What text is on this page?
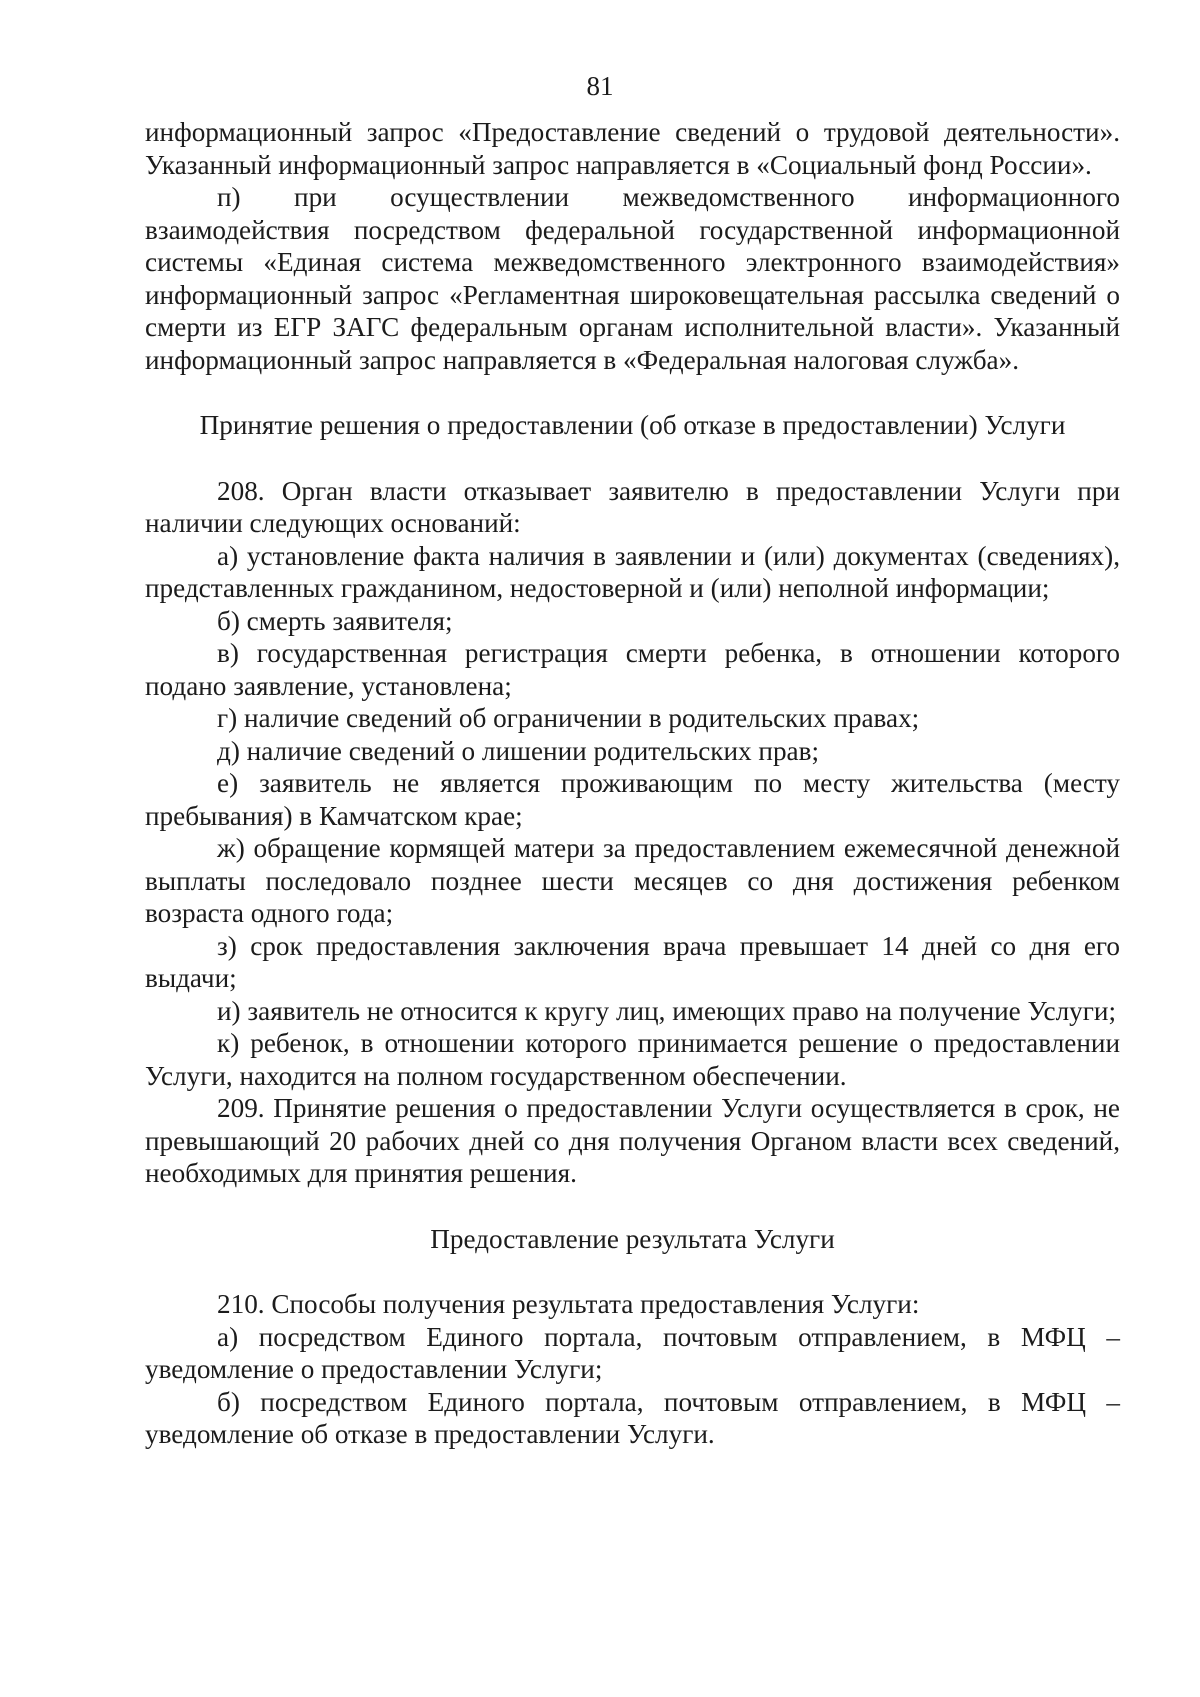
81

информационный запрос «Предоставление сведений о трудовой деятельности». Указанный информационный запрос направляется в «Социальный фонд России».

п) при осуществлении межведомственного информационного взаимодействия посредством федеральной государственной информационной системы «Единая система межведомственного электронного взаимодействия» информационный запрос «Регламентная широковещательная рассылка сведений о смерти из ЕГР ЗАГС федеральным органам исполнительной власти». Указанный информационный запрос направляется в «Федеральная налоговая служба».

Принятие решения о предоставлении (об отказе в предоставлении) Услуги

208. Орган власти отказывает заявителю в предоставлении Услуги при наличии следующих оснований:

а) установление факта наличия в заявлении и (или) документах (сведениях), представленных гражданином, недостоверной и (или) неполной информации;

б) смерть заявителя;

в) государственная регистрация смерти ребенка, в отношении которого подано заявление, установлена;

г) наличие сведений об ограничении в родительских правах;

д) наличие сведений о лишении родительских прав;

е) заявитель не является проживающим по месту жительства (месту пребывания) в Камчатском крае;

ж) обращение кормящей матери за предоставлением ежемесячной денежной выплаты последовало позднее шести месяцев со дня достижения ребенком возраста одного года;

з) срок предоставления заключения врача превышает 14 дней со дня его выдачи;

и) заявитель не относится к кругу лиц, имеющих право на получение Услуги;

к) ребенок, в отношении которого принимается решение о предоставлении Услуги, находится на полном государственном обеспечении.

209. Принятие решения о предоставлении Услуги осуществляется в срок, не превышающий 20 рабочих дней со дня получения Органом власти всех сведений, необходимых для принятия решения.

Предоставление результата Услуги

210. Способы получения результата предоставления Услуги:

а) посредством Единого портала, почтовым отправлением, в МФЦ – уведомление о предоставлении Услуги;

б) посредством Единого портала, почтовым отправлением, в МФЦ – уведомление об отказе в предоставлении Услуги.
